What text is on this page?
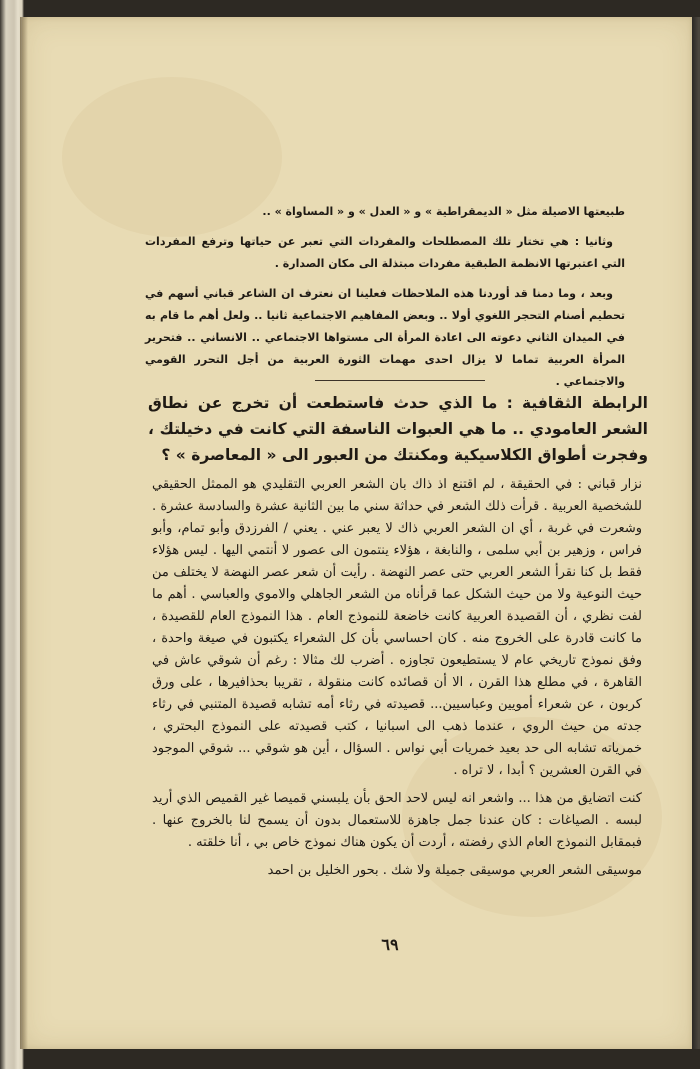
طبيعتها الاصيلة مثل « الديمقراطية » و « العدل » و « المساواة » ..

وثانيا : هي تختار تلك المصطلحات والمفردات التي تعبر عن حياتها وترفع المفردات التي اعتبرتها الانظمة الطبقية مفردات مبتذلة الى مكان الصدارة .

وبعد ، وما دمنا قد أوردنا هذه الملاحظات فعلينا ان نعترف ان الشاعر قباني أسهم في تحطيم أصنام التحجر اللغوي أولا .. وبعض المفاهيم الاجتماعية ثانيا .. ولعل أهم ما قام به في الميدان الثاني دعوته الى اعادة المرأة الى مستواها الاجتماعي .. الانساني .. فتحرير المرأة العربية تماما لا يزال احدى مهمات الثورة العربية من أجل التحرر القومي والاجتماعي .

الرابطة الثقافية : ما الذي حدث فاستطعت أن تخرج عن نطاق الشعر العامودي .. ما هي العبوات الناسفة التي كانت في دخيلتك ، وفجرت أطواق الكلاسيكية ومكنتك من العبور الى « المعاصرة » ؟

نزار قباني : في الحقيقة ، لم اقتنع اذ ذاك بان الشعر العربي التقليدي هو الممثل الحقيقي للشخصية العربية . قرأت ذلك الشعر في حداثة سني ما بين الثانية عشرة والسادسة عشرة . وشعرت في غربة ، أي ان الشعر العربي ذاك لا يعبر عني . يعني / الفرزدق وأبو تمام، وأبو فراس ، وزهير بن أبي سلمى ، والنابغة ، هؤلاء ينتمون الى عصور لا أنتمي اليها . ليس هؤلاء فقط بل كنا نقرأ الشعر العربي حتى عصر النهضة . رأيت أن شعر عصر النهضة لا يختلف من حيث النوعية ولا من حيث الشكل عما قرأناه من الشعر الجاهلي والاموي والعباسي . أهم ما لفت نظري ، أن القصيدة العربية كانت خاضعة للنموذج العام . هذا النموذج العام للقصيدة ، ما كانت قادرة على الخروج منه . كان احساسي بأن كل الشعراء يكتبون في صيغة واحدة ، وفق نموذج تاريخي عام لا يستطيعون تجاوزه . أضرب لك مثالا : رغم أن شوقي عاش في القاهرة ، في مطلع هذا القرن ، الا أن قصائده كانت منقولة ، تقريبا بحذافيرها ، على ورق كربون ، عن شعراء أمويين وعباسيين... قصيدته في رثاء أمه تشابه قصيدة المتنبي في رثاء جدته من حيث الروي ، عندما ذهب الى اسبانيا ، كتب قصيدته على النموذج البحتري ، خمرياته تشابه الى حد بعيد خمريات أبي نواس . السؤال ، أين هو شوقي ... شوقي الموجود في القرن العشرين ؟ أبدا ، لا تراه .

كنت اتضايق من هذا ... واشعر انه ليس لاحد الحق بأن يلبسني قميصا غير القميص الذي أريد لبسه . الصياغات : كان عندنا جمل جاهزة للاستعمال بدون أن يسمح لنا بالخروج عنها . فبمقابل النموذج العام الذي رفضته ، أردت أن يكون هناك نموذج خاص بي ، أنا خلقته .

موسيقى الشعر العربي موسيقى جميلة ولا شك . بحور الخليل بن احمد

٦٩
